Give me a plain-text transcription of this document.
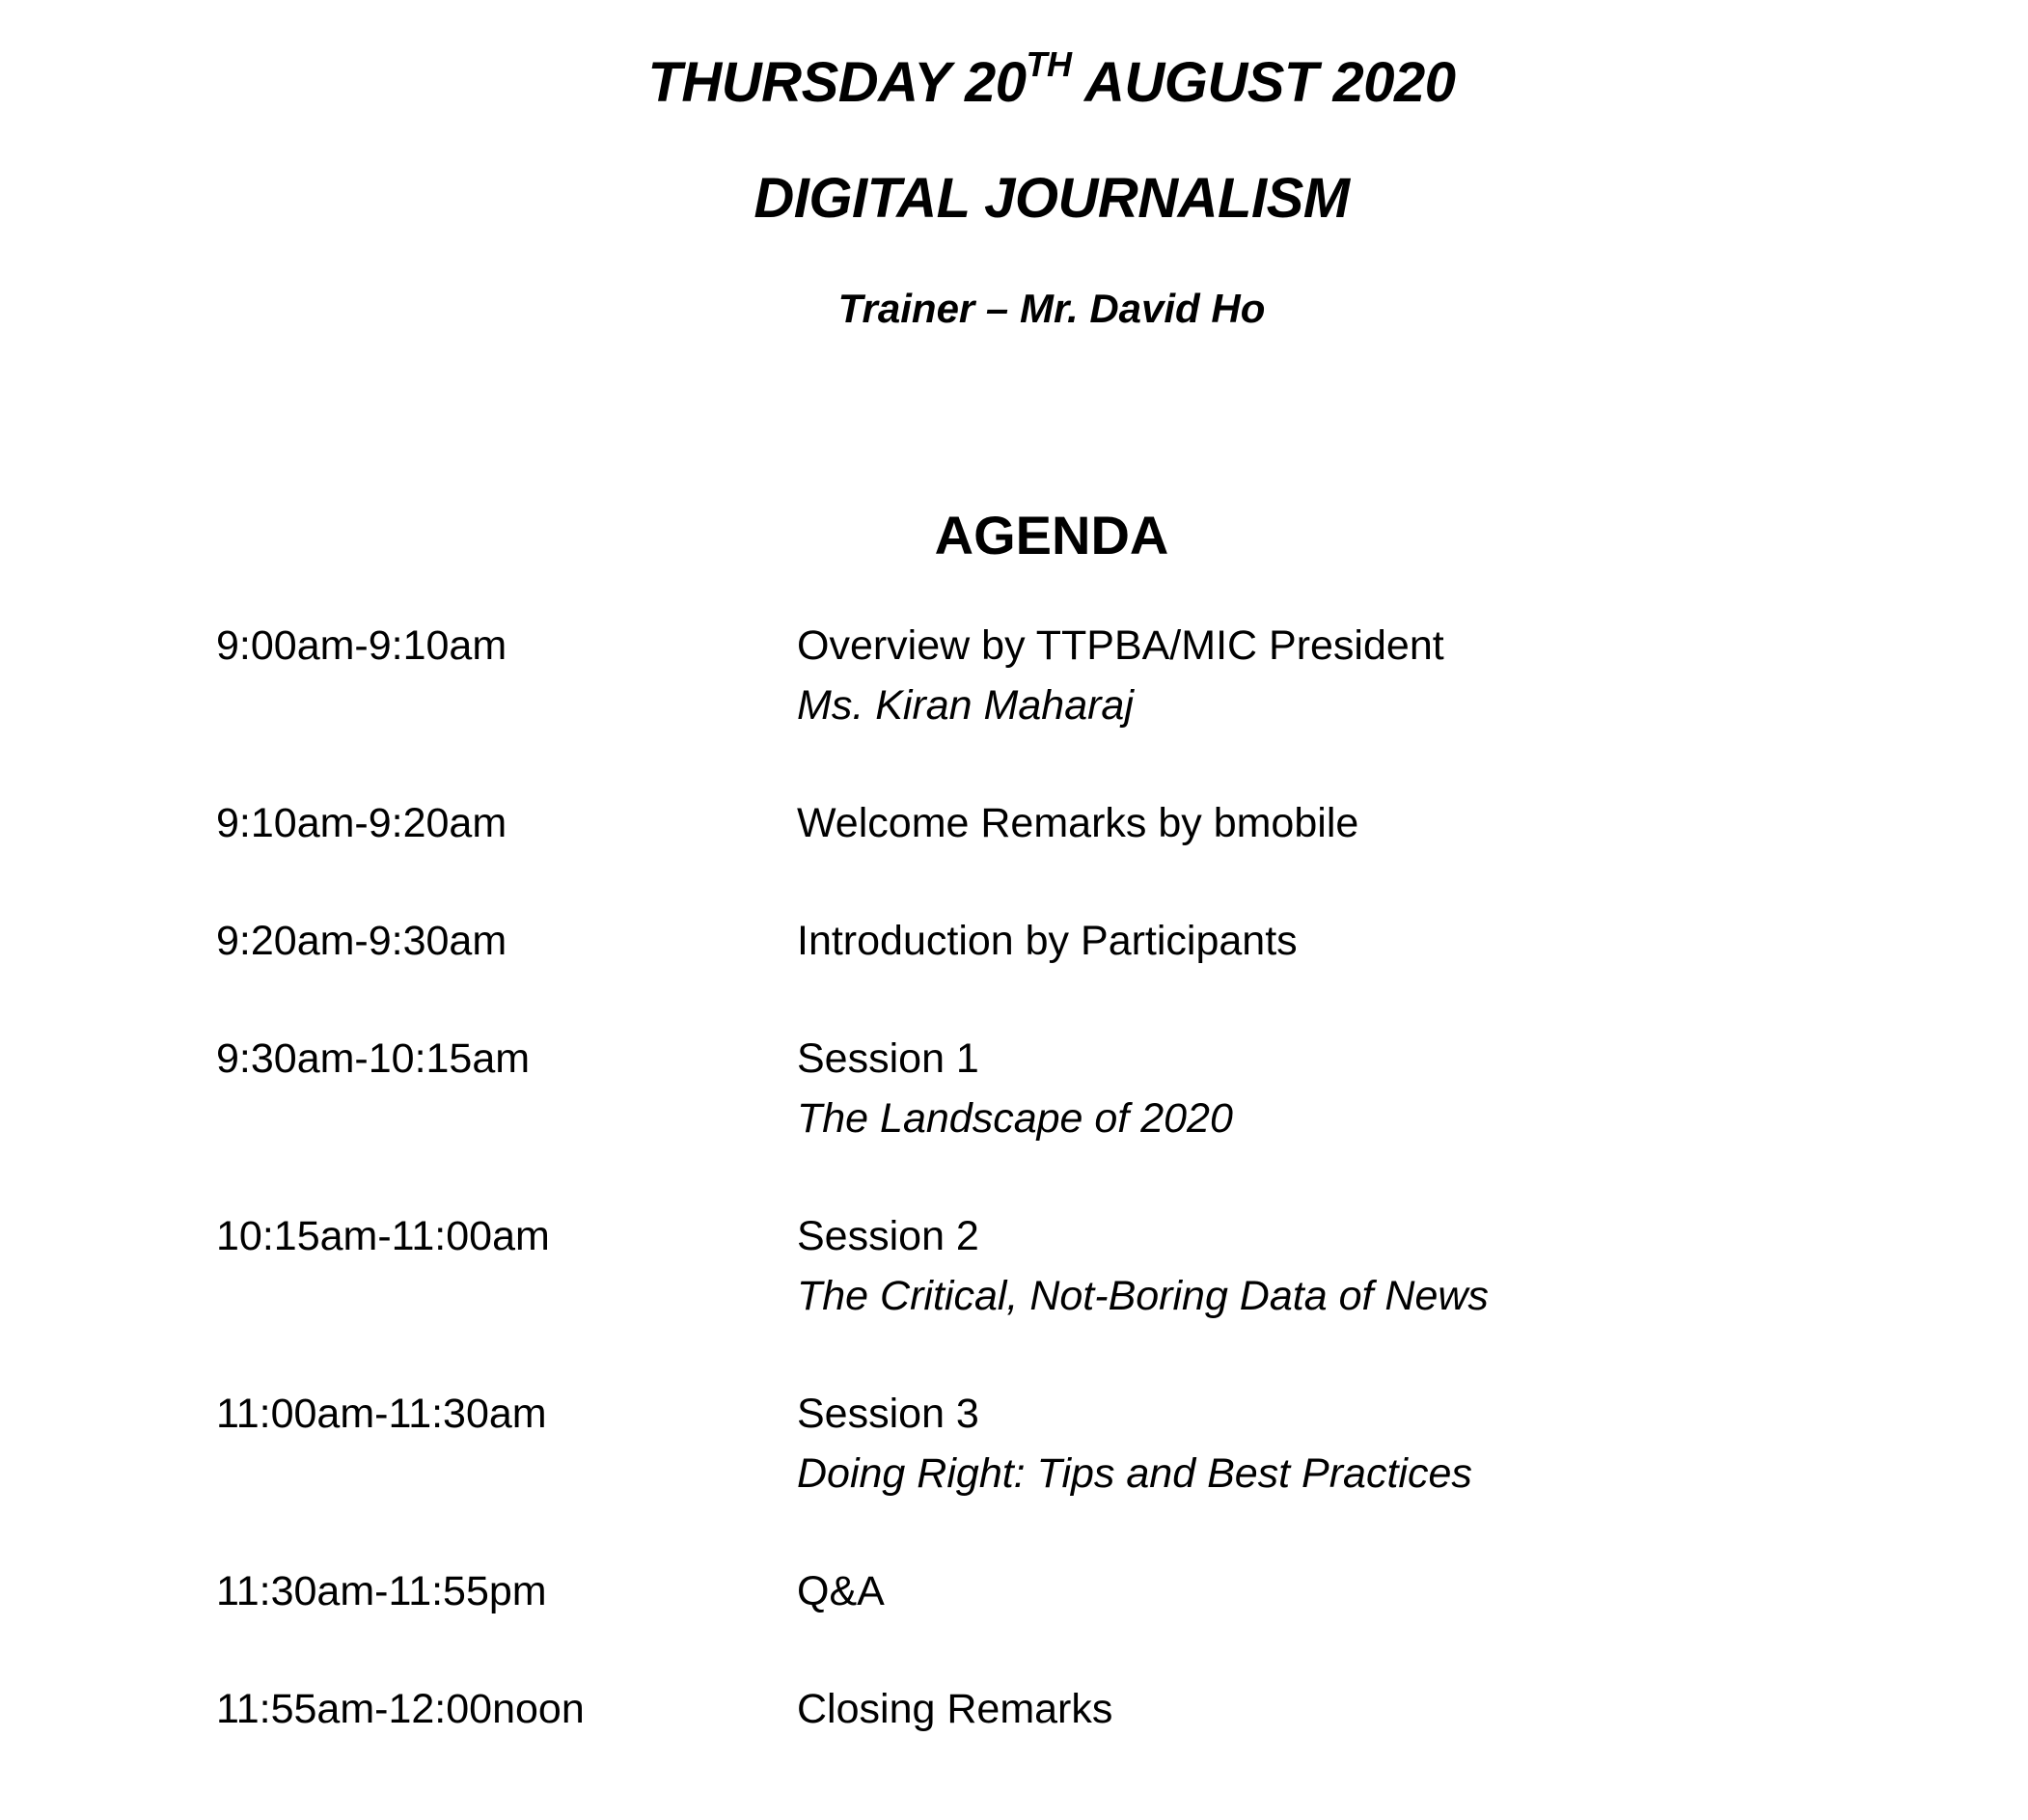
THURSDAY 20TH AUGUST 2020
DIGITAL JOURNALISM
Trainer – Mr. David Ho
AGENDA
9:00am-9:10am	Overview by TTPBA/MIC President
Ms. Kiran Maharaj
9:10am-9:20am	Welcome Remarks by bmobile
9:20am-9:30am	Introduction by Participants
9:30am-10:15am	Session 1
The Landscape of 2020
10:15am-11:00am	Session 2
The Critical, Not-Boring Data of News
11:00am-11:30am	Session 3
Doing Right: Tips and Best Practices
11:30am-11:55pm	Q&A
11:55am-12:00noon	Closing Remarks
